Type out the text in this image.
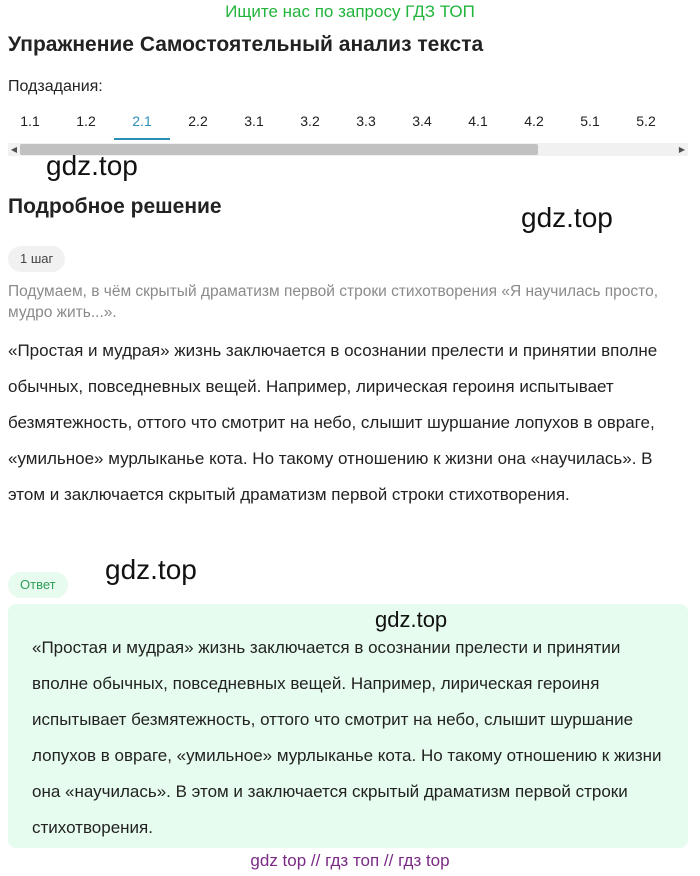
Ищите нас по запросу ГДЗ ТОП
Упражнение Самостоятельный анализ текста
Подзадания:
1.1	1.2	2.1	2.2	3.1	3.2	3.3	3.4	4.1	4.2	5.1	5.2
◀	▶
gdz.top
Подробное решение	gdz.top
1 шаг
Подумаем, в чём скрытый драматизм первой строки стихотворения «Я научилась просто, мудро жить...».
«Простая и мудрая» жизнь заключается в осознании прелести и принятии вполне обычных, повседневных вещей. Например, лирическая героиня испытывает безмятежность, оттого что смотрит на небо, слышит шуршание лопухов в овраге, «умильное» мурлыканье кота. Но такому отношению к жизни она «научилась». В этом и заключается скрытый драматизм первой строки стихотворения.
Ответ	gdz.top
gdz.top
«Простая и мудрая» жизнь заключается в осознании прелести и принятии вполне обычных, повседневных вещей. Например, лирическая героиня испытывает безмятежность, оттого что смотрит на небо, слышит шуршание лопухов в овраге, «умильное» мурлыканье кота. Но такому отношению к жизни она «научилась». В этом и заключается скрытый драматизм первой строки стихотворения.
gdz top // гдз топ // гдз top
